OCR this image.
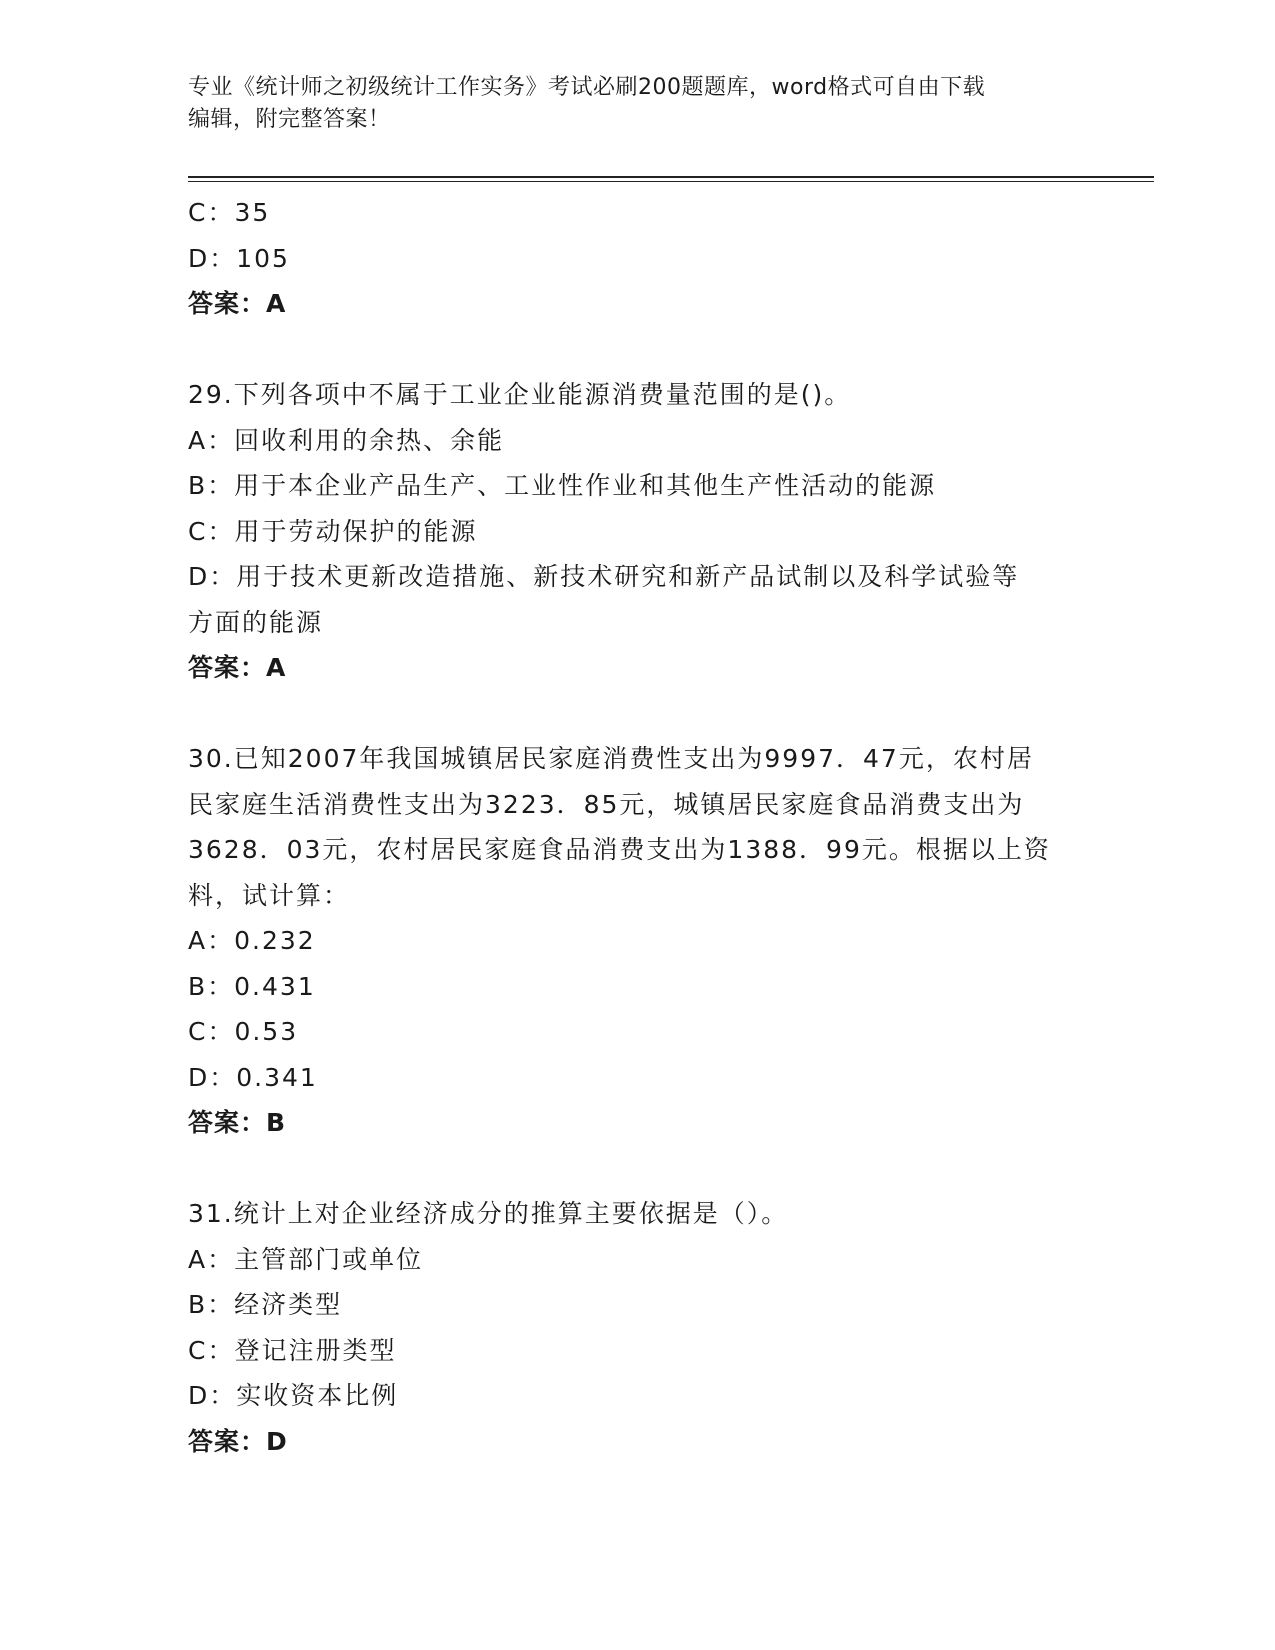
专业《统计师之初级统计工作实务》考试必刷200题题库，word格式可自由下载
编辑，附完整答案！
C：35
D：105
答案：A
29.下列各项中不属于工业企业能源消费量范围的是()。
A：回收利用的余热、余能
B：用于本企业产品生产、工业性作业和其他生产性活动的能源
C：用于劳动保护的能源
D：用于技术更新改造措施、新技术研究和新产品试制以及科学试验等
方面的能源
答案：A
30.已知2007年我国城镇居民家庭消费性支出为9997．47元，农村居
民家庭生活消费性支出为3223．85元，城镇居民家庭食品消费支出为
3628．03元，农村居民家庭食品消费支出为1388．99元。根据以上资
料，试计算：
A：0.232
B：0.431
C：0.53
D：0.341
答案：B
31.统计上对企业经济成分的推算主要依据是（）。
A：主管部门或单位
B：经济类型
C：登记注册类型
D：实收资本比例
答案：D
